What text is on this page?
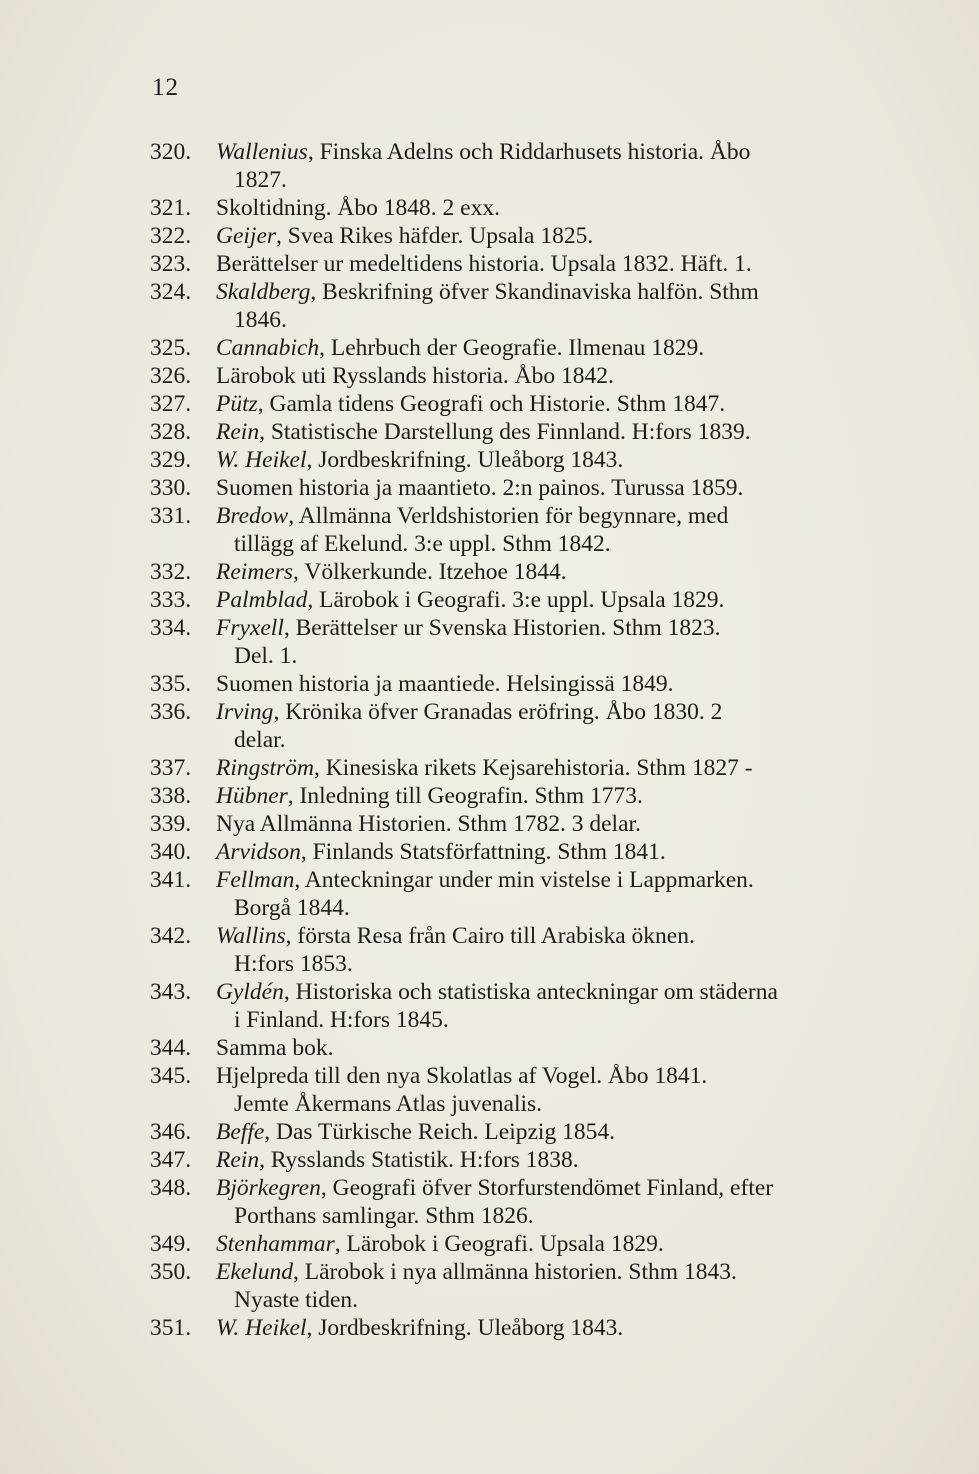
12
320.	Wallenius , Finska Adelns och Riddarhusets historia. Åbo
1827.
321.	Skoltidning. Åbo 1848. 2 exx.
322.	Geijer , Svea Rikes häfder. Upsala 1825.
323.	Berättelser ur medeltidens historia. Upsala 1832. Häft. 1.
324.	Skaldberg , Beskrifning öfver Skandinaviska halfön. Sthm
1846.
325.	Cannabich , Lehrbuch der Geografie. Ilmenau 1829.
326.	Lärobok uti Rysslands historia. Åbo 1842.
327.	Pütz , Gamla tidens Geografi och Historie. Sthm 1847.
328.	Rein , Statistische Darstellung des Finnland. H:fors 1839.
329.	W. Heikel , Jordbeskrifning. Uleåborg 1843.
330.	Suomen historia ja maantieto. 2:n painos. Turussa 1859.
331.	Bredow , Allmänna Verldshistorien för begynnare, med
tillägg af Ekelund. 3:e uppl. Sthm 1842.
332.	Reimers , Völkerkunde. Itzehoe 1844.
333.	Palmblad , Lärobok i Geografi. 3:e uppl. Upsala 1829.
334.	Fryxell , Berättelser ur Svenska Historien. Sthm 1823.
Del. 1.
335.	Suomen historia ja maantiede. Helsingissä 1849.
336.	Irving , Krönika öfver Granadas eröfring. Åbo 1830. 2
delar.
337.	Ringström , Kinesiska rikets Kejsarehistoria. Sthm 1827 -
338.	Hübner , Inledning till Geografin. Sthm 1773.
339.	Nya Allmänna Historien. Sthm 1782. 3 delar.
340.	Arvidson , Finlands Statsförfattning. Sthm 1841.
341.	Fellman , Anteckningar under min vistelse i Lappmarken.
Borgå 1844.
342.	Wallins , första Resa från Cairo till Arabiska öknen.
H:fors 1853.
343.	Gyldén , Historiska och statistiska anteckningar om städerna
i Finland. H:fors 1845.
344.	Samma bok.
345.	Hjelpreda till den nya Skolatlas af Vogel. Åbo 1841.
Jemte Åkermans Atlas juvenalis.
346.	Beffe , Das Türkische Reich. Leipzig 1854.
347.	Rein , Rysslands Statistik. H:fors 1838.
348.	Björkegren , Geografi öfver Storfurstendömet Finland, efter
Porthans samlingar. Sthm 1826.
349.	Stenhammar , Lärobok i Geografi. Upsala 1829.
350.	Ekelund , Lärobok i nya allmänna historien. Sthm 1843.
Nyaste tiden.
351.	W. Heikel , Jordbeskrifning. Uleåborg 1843.
